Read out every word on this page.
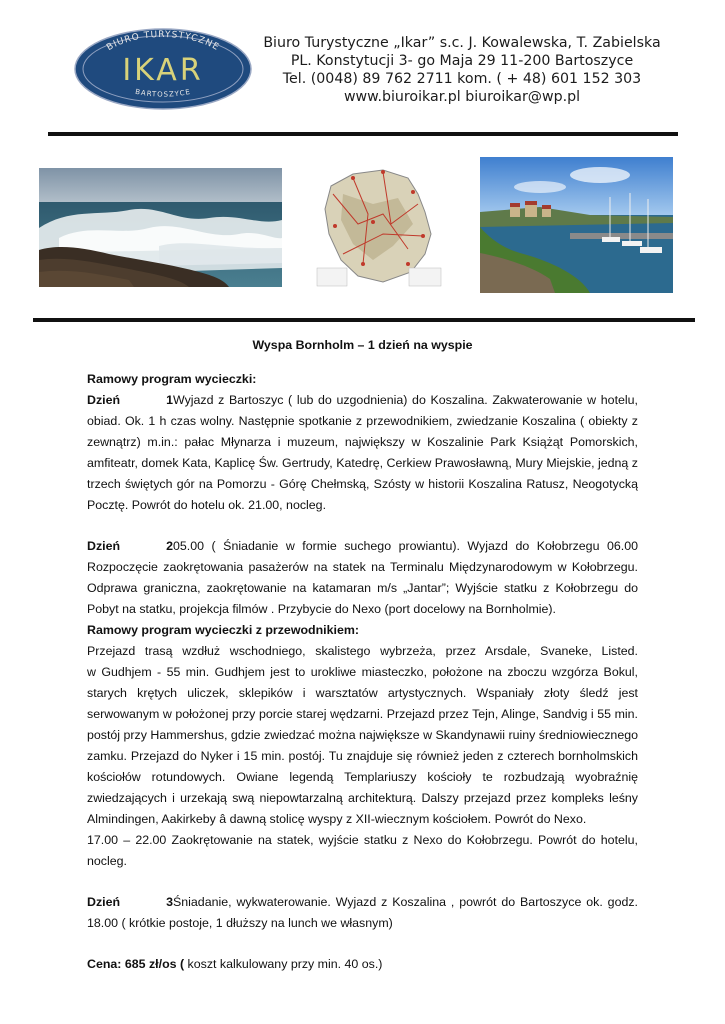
BIURO TURYSTYCZNE
IKAR
BARTOSZYCE
Biuro Turystyczne „Ikar” s.c. J. Kowalewska, T. Zabielska
PL. Konstytucji 3- go Maja 29 11-200 Bartoszyce
Tel. (0048) 89 762 2711 kom. ( + 48) 601 152 303
www.biuroikar.pl biuroikar@wp.pl
Wyspa Bornholm – 1 dzień na wyspie
Ramowy program wycieczki:
Dzień 1Wyjazd z Bartoszyc ( lub do uzgodnienia) do Koszalina. Zakwaterowanie w hotelu,
obiad. Ok. 1 h czas wolny. Następnie spotkanie z przewodnikiem, zwiedzanie Koszalina ( obiekty z
zewnątrz) m.in.: pałac Młynarza i muzeum, największy w Koszalinie Park Książąt Pomorskich,
amfiteatr, domek Kata, Kaplicę Św. Gertrudy, Katedrę, Cerkiew Prawosławną, Mury Miejskie, jedną z
trzech świętych gór na Pomorzu - Górę Chełmską, Szósty w historii Koszalina Ratusz, Neogotycką
Pocztę. Powrót do hotelu ok. 21.00, nocleg.
Dzień 205.00 ( Śniadanie w formie suchego prowiantu). Wyjazd do Kołobrzegu 06.00
Rozpoczęcie zaokrętowania pasażerów na statek na Terminalu Międzynarodowym w Kołobrzegu.
Odprawa graniczna, zaokrętowanie na katamaran m/s „Jantar”; Wyjście statku z Kołobrzegu do
Pobyt na statku, projekcja filmów . Przybycie do Nexo (port docelowy na Bornholmie).
Ramowy program wycieczki z przewodnikiem:
Przejazd trasą wzdłuż wschodniego, skalistego wybrzeża, przez Arsdale, Svaneke, Listed.
w Gudhjem - 55 min. Gudhjem jest to urokliwe miasteczko, położone na zboczu wzgórza Bokul,
starych krętych uliczek, sklepików i warsztatów artystycznych. Wspaniały złoty śledź jest
serwowanym w położonej przy porcie starej wędzarni. Przejazd przez Tejn, Alinge, Sandvig i 55 min.
postój przy Hammershus, gdzie zwiedzać można największe w Skandynawii ruiny średniowiecznego
zamku. Przejazd do Nyker i 15 min. postój. Tu znajduje się również jeden z czterech bornholmskich
kościołów rotundowych. Owiane legendą Templariuszy kościoły te rozbudzają wyobraźnię
zwiedzających i urzekają swą niepowtarzalną architekturą. Dalszy przejazd przez kompleks leśny
Almindingen, Aakirkeby â dawną stolicę wyspy z XII-wiecznym kościołem. Powrót do Nexo.
17.00 – 22.00 Zaokrętowanie na statek, wyjście statku z Nexo do Kołobrzegu. Powrót do hotelu,
nocleg.
Dzień 3Śniadanie, wykwaterowanie. Wyjazd z Koszalina , powrót do Bartoszyce ok. godz.
18.00 ( krótkie postoje, 1 dłuższy na lunch we własnym)
Cena: 685 zł/os ( koszt kalkulowany przy min. 40 os.)
